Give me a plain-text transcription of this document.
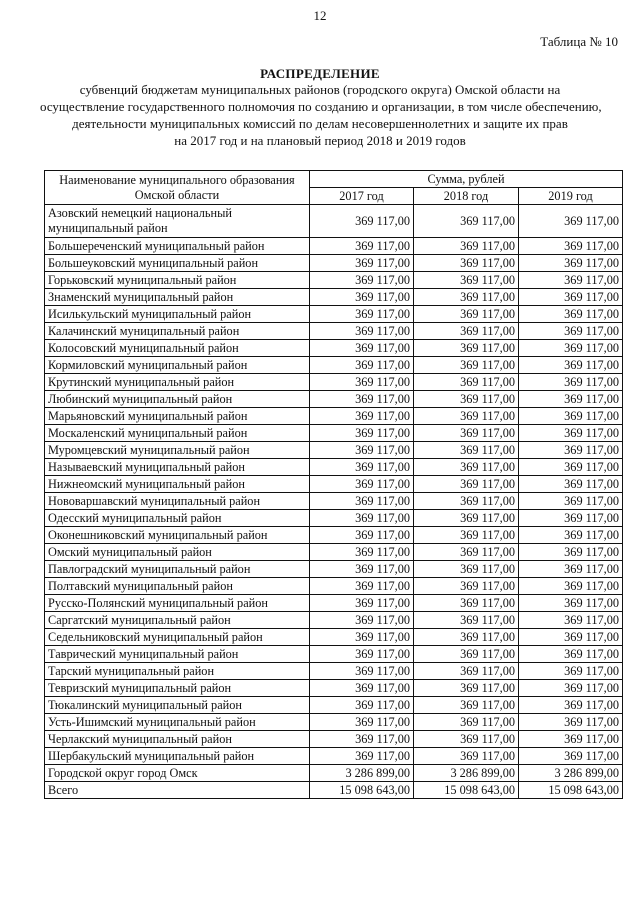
12
Таблица № 10
РАСПРЕДЕЛЕНИЕ
субвенций бюджетам муниципальных районов (городского округа) Омской области на
осуществление государственного полномочия по созданию и организации, в том числе обеспечению,
деятельности муниципальных комиссий по делам несовершеннолетних и защите их прав
на 2017 год и на плановый период 2018 и 2019 годов
Наименование муниципального образования Омской области	Сумма, рублей		
	2017 год	2018 год	2019 год
Азовский немецкий национальный муниципальный район	369 117,00	369 117,00	369 117,00
Большереченский муниципальный район	369 117,00	369 117,00	369 117,00
Большеуковский муниципальный район	369 117,00	369 117,00	369 117,00
Горьковский муниципальный район	369 117,00	369 117,00	369 117,00
Знаменский муниципальный район	369 117,00	369 117,00	369 117,00
Исилькульский муниципальный район	369 117,00	369 117,00	369 117,00
Калачинский муниципальный район	369 117,00	369 117,00	369 117,00
Колосовский муниципальный район	369 117,00	369 117,00	369 117,00
Кормиловский муниципальный район	369 117,00	369 117,00	369 117,00
Крутинский муниципальный район	369 117,00	369 117,00	369 117,00
Любинский муниципальный район	369 117,00	369 117,00	369 117,00
Марьяновский муниципальный район	369 117,00	369 117,00	369 117,00
Москаленский муниципальный район	369 117,00	369 117,00	369 117,00
Муромцевский муниципальный район	369 117,00	369 117,00	369 117,00
Называевский муниципальный район	369 117,00	369 117,00	369 117,00
Нижнеомский муниципальный район	369 117,00	369 117,00	369 117,00
Нововаршавский муниципальный район	369 117,00	369 117,00	369 117,00
Одесский муниципальный район	369 117,00	369 117,00	369 117,00
Оконешниковский муниципальный район	369 117,00	369 117,00	369 117,00
Омский муниципальный район	369 117,00	369 117,00	369 117,00
Павлоградский муниципальный район	369 117,00	369 117,00	369 117,00
Полтавский муниципальный район	369 117,00	369 117,00	369 117,00
Русско-Полянский муниципальный район	369 117,00	369 117,00	369 117,00
Саргатский муниципальный район	369 117,00	369 117,00	369 117,00
Седельниковский муниципальный район	369 117,00	369 117,00	369 117,00
Таврический муниципальный район	369 117,00	369 117,00	369 117,00
Тарский муниципальный район	369 117,00	369 117,00	369 117,00
Тевризский муниципальный район	369 117,00	369 117,00	369 117,00
Тюкалинский муниципальный район	369 117,00	369 117,00	369 117,00
Усть-Ишимский муниципальный район	369 117,00	369 117,00	369 117,00
Черлакский муниципальный район	369 117,00	369 117,00	369 117,00
Шербакульский муниципальный район	369 117,00	369 117,00	369 117,00
Городской округ город Омск	3 286 899,00	3 286 899,00	3 286 899,00
Всего	15 098 643,00	15 098 643,00	15 098 643,00
